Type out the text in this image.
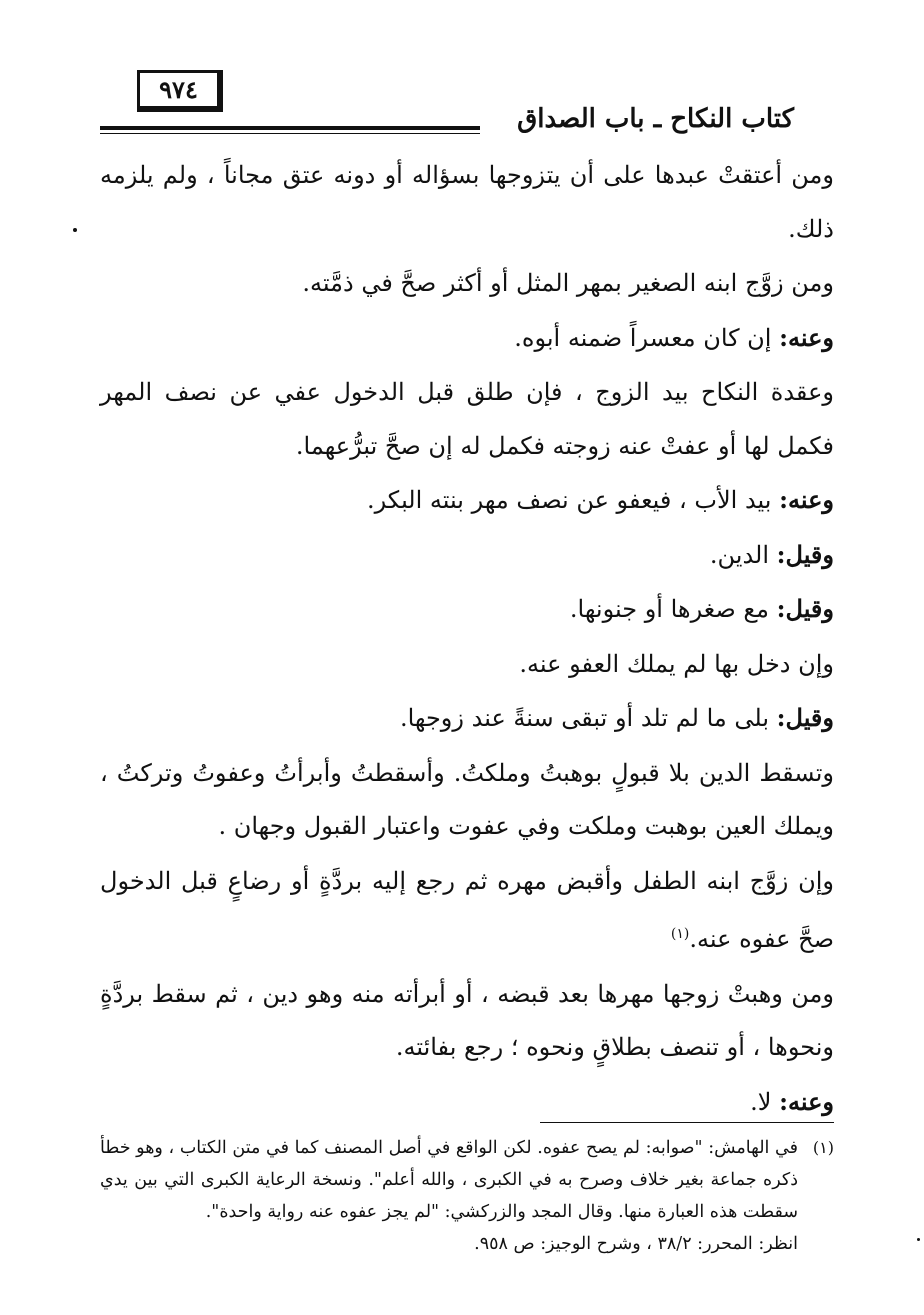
٩٧٤
كتاب النكاح ـ باب الصداق

ومن أعتقتْ عبدها على أن يتزوجها بسؤاله أو دونه عتق مجاناً ، ولم يلزمه ذلك.

ومن زوَّج ابنه الصغير بمهر المثل أو أكثر صحَّ في ذمَّته.

وعنه: إن كان معسراً ضمنه أبوه.

وعقدة النكاح بيد الزوج ، فإن طلق قبل الدخول عفي عن نصف المهر فكمل لها أو عفتْ عنه زوجته فكمل له إن صحَّ تبرُّعهما.

وعنه: بيد الأب ، فيعفو عن نصف مهر بنته البكر.

وقيل: الدين.

وقيل: مع صغرها أو جنونها.

وإن دخل بها لم يملك العفو عنه.

وقيل: بلى ما لم تلد أو تبقى سنةً عند زوجها.

وتسقط الدين بلا قبولٍ بوهبتُ وملكتُ. وأسقطتُ وأبرأتُ وعفوتُ وتركتُ ، ويملك العين بوهبت وملكت وفي عفوت واعتبار القبول وجهان .

وإن زوَّج ابنه الطفل وأقبض مهره ثم رجع إليه بردَّةٍ أو رضاعٍ قبل الدخول صحَّ عفوه عنه.$^{(١)}$

ومن وهبتْ زوجها مهرها بعد قبضه ، أو أبرأته منه وهو دين ، ثم سقط بردَّةٍ ونحوها ، أو تنصف بطلاقٍ ونحوه ؛ رجع بفائته.

وعنه: لا.

(١)

في الهامش: "صوابه: لم يصح عفوه. لكن الواقع في أصل المصنف كما في متن الكتاب ، وهو خطأ ذكره جماعة بغير خلاف وصرح به في الكبرى ، والله أعلم". ونسخة الرعاية الكبرى التي بين يدي سقطت هذه العبارة منها. وقال المجد والزركشي: "لم يجز عفوه عنه رواية واحدة".

انظر: المحرر: ٣٨/٢ ، وشرح الوجيز: ص ٩٥٨.
